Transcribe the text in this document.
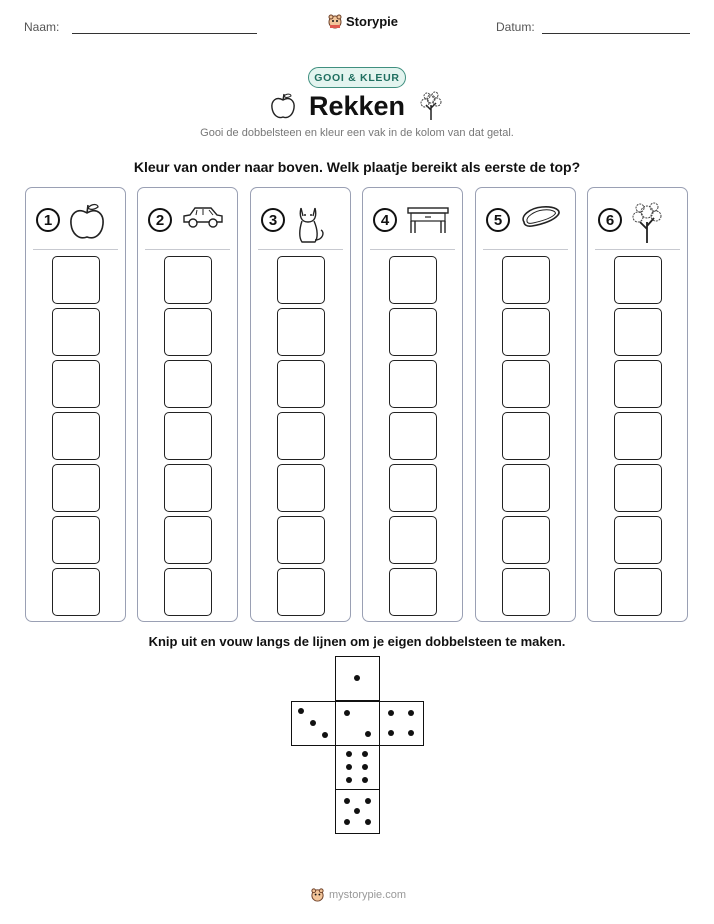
Naam:	Storypie	Datum:
GOOI & KLEUR
Rekken
Gooi de dobbelsteen en kleur een vak in de kolom van dat getal.
Kleur van onder naar boven. Welk plaatje bereikt als eerste de top?
1	2	3	4	5	6
Knip uit en vouw langs de lijnen om je eigen dobbelsteen te maken.
mystorypie.com
